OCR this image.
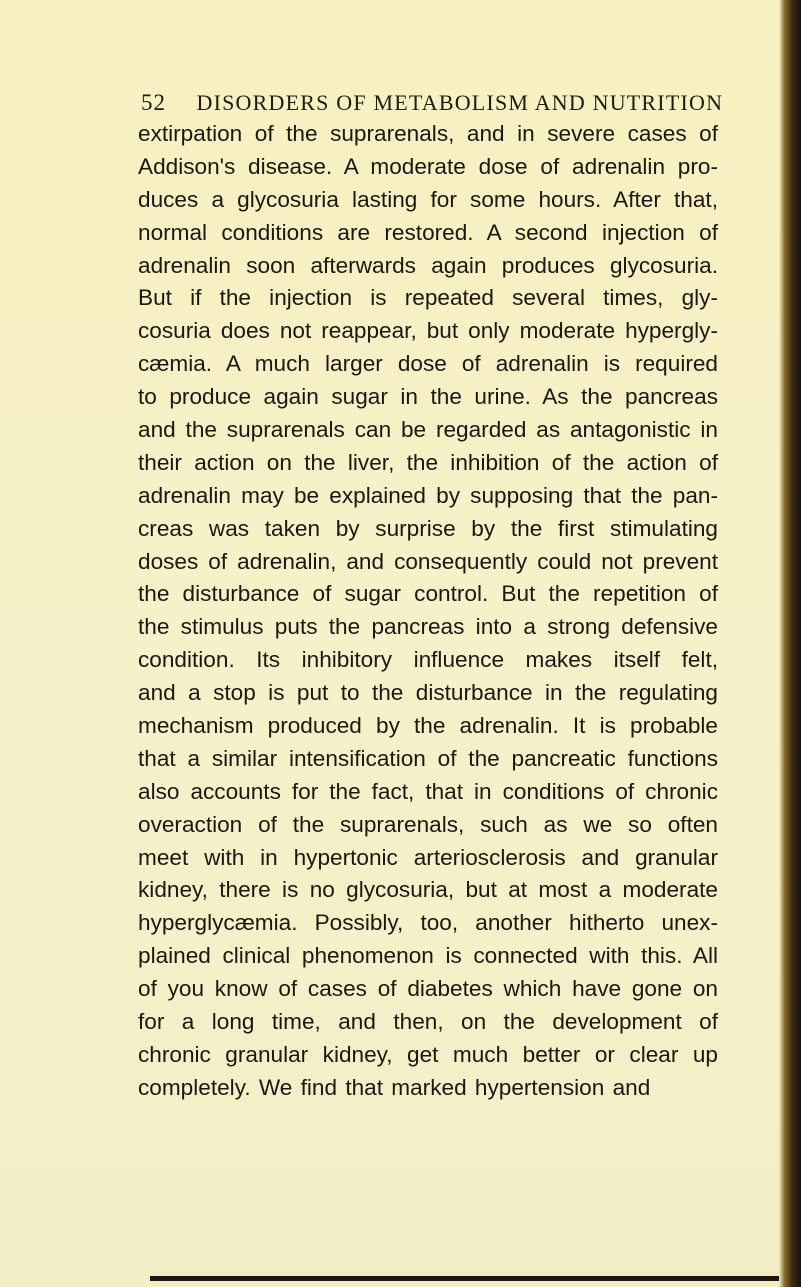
52 DISORDERS OF METABOLISM AND NUTRITION
extirpation of the suprarenals, and in severe cases of
Addison's disease. A moderate dose of adrenalin pro-
duces a glycosuria lasting for some hours. After that,
normal conditions are restored. A second injection of
adrenalin soon afterwards again produces glycosuria.
But if the injection is repeated several times, gly-
cosuria does not reappear, but only moderate hypergly-
cæmia. A much larger dose of adrenalin is required
to produce again sugar in the urine. As the pancreas
and the suprarenals can be regarded as antagonistic in
their action on the liver, the inhibition of the action of
adrenalin may be explained by supposing that the pan-
creas was taken by surprise by the first stimulating
doses of adrenalin, and consequently could not prevent
the disturbance of sugar control. But the repetition of
the stimulus puts the pancreas into a strong defensive
condition. Its inhibitory influence makes itself felt,
and a stop is put to the disturbance in the regulating
mechanism produced by the adrenalin. It is probable
that a similar intensification of the pancreatic functions
also accounts for the fact, that in conditions of chronic
overaction of the suprarenals, such as we so often
meet with in hypertonic arteriosclerosis and granular
kidney, there is no glycosuria, but at most a moderate
hyperglycæmia. Possibly, too, another hitherto unex-
plained clinical phenomenon is connected with this. All
of you know of cases of diabetes which have gone on
for a long time, and then, on the development of
chronic granular kidney, get much better or clear up
completely. We find that marked hypertension and
